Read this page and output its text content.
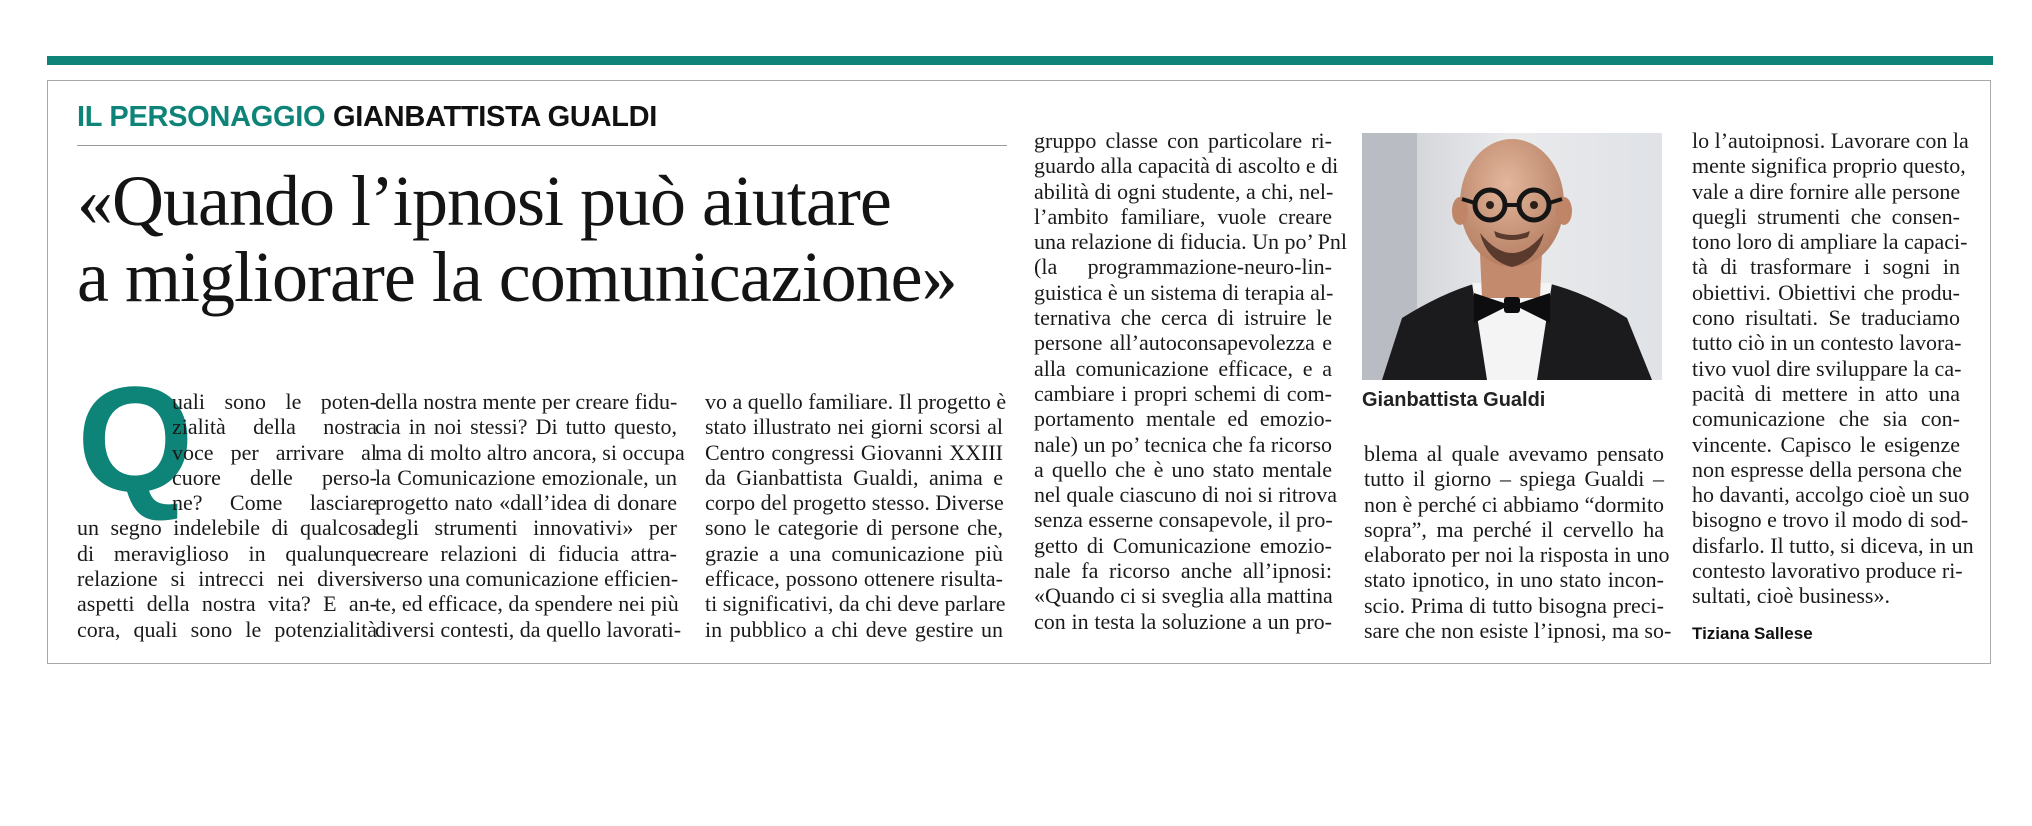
IL PERSONAGGIO GIANBATTISTA GUALDI
«Quando l’ipnosi può aiutare
a migliorare la comunicazione»
Q
uali sono le poten-
zialità della nostra
voce per arrivare al
cuore delle perso-
ne? Come lasciare
un segno indelebile di qualcosa
di meraviglioso in qualunque
relazione si intrecci nei diversi
aspetti della nostra vita? E an-
cora, quali sono le potenzialità
della nostra mente per creare fidu-
cia in noi stessi? Di tutto questo,
ma di molto altro ancora, si occupa
la Comunicazione emozionale, un
progetto nato «dall’idea di donare
degli strumenti innovativi» per
creare relazioni di fiducia attra-
verso una comunicazione efficien-
te, ed efficace, da spendere nei più
diversi contesti, da quello lavorati-
vo a quello familiare. Il progetto è
stato illustrato nei giorni scorsi al
Centro congressi Giovanni XXIII
da Gianbattista Gualdi, anima e
corpo del progetto stesso. Diverse
sono le categorie di persone che,
grazie a una comunicazione più
efficace, possono ottenere risulta-
ti significativi, da chi deve parlare
in pubblico a chi deve gestire un
gruppo classe con particolare ri-
guardo alla capacità di ascolto e di
abilità di ogni studente, a chi, nel-
l’ambito familiare, vuole creare
una relazione di fiducia. Un po’ Pnl
(la programmazione-neuro-lin-
guistica è un sistema di terapia al-
ternativa che cerca di istruire le
persone all’autoconsapevolezza e
alla comunicazione efficace, e a
cambiare i propri schemi di com-
portamento mentale ed emozio-
nale) un po’ tecnica che fa ricorso
a quello che è uno stato mentale
nel quale ciascuno di noi si ritrova
senza esserne consapevole, il pro-
getto di Comunicazione emozio-
nale fa ricorso anche all’ipnosi:
«Quando ci si sveglia alla mattina
con in testa la soluzione a un pro-
blema al quale avevamo pensato
tutto il giorno – spiega Gualdi –
non è perché ci abbiamo “dormito
sopra”, ma perché il cervello ha
elaborato per noi la risposta in uno
stato ipnotico, in uno stato incon-
scio. Prima di tutto bisogna preci-
sare che non esiste l’ipnosi, ma so-
lo l’autoipnosi. Lavorare con la
mente significa proprio questo,
vale a dire fornire alle persone
quegli strumenti che consen-
tono loro di ampliare la capaci-
tà di trasformare i sogni in
obiettivi. Obiettivi che produ-
cono risultati. Se traduciamo
tutto ciò in un contesto lavora-
tivo vuol dire sviluppare la ca-
pacità di mettere in atto una
comunicazione che sia con-
vincente. Capisco le esigenze
non espresse della persona che
ho davanti, accolgo cioè un suo
bisogno e trovo il modo di sod-
disfarlo. Il tutto, si diceva, in un
contesto lavorativo produce ri-
sultati, cioè business».
Gianbattista Gualdi
Tiziana Sallese
